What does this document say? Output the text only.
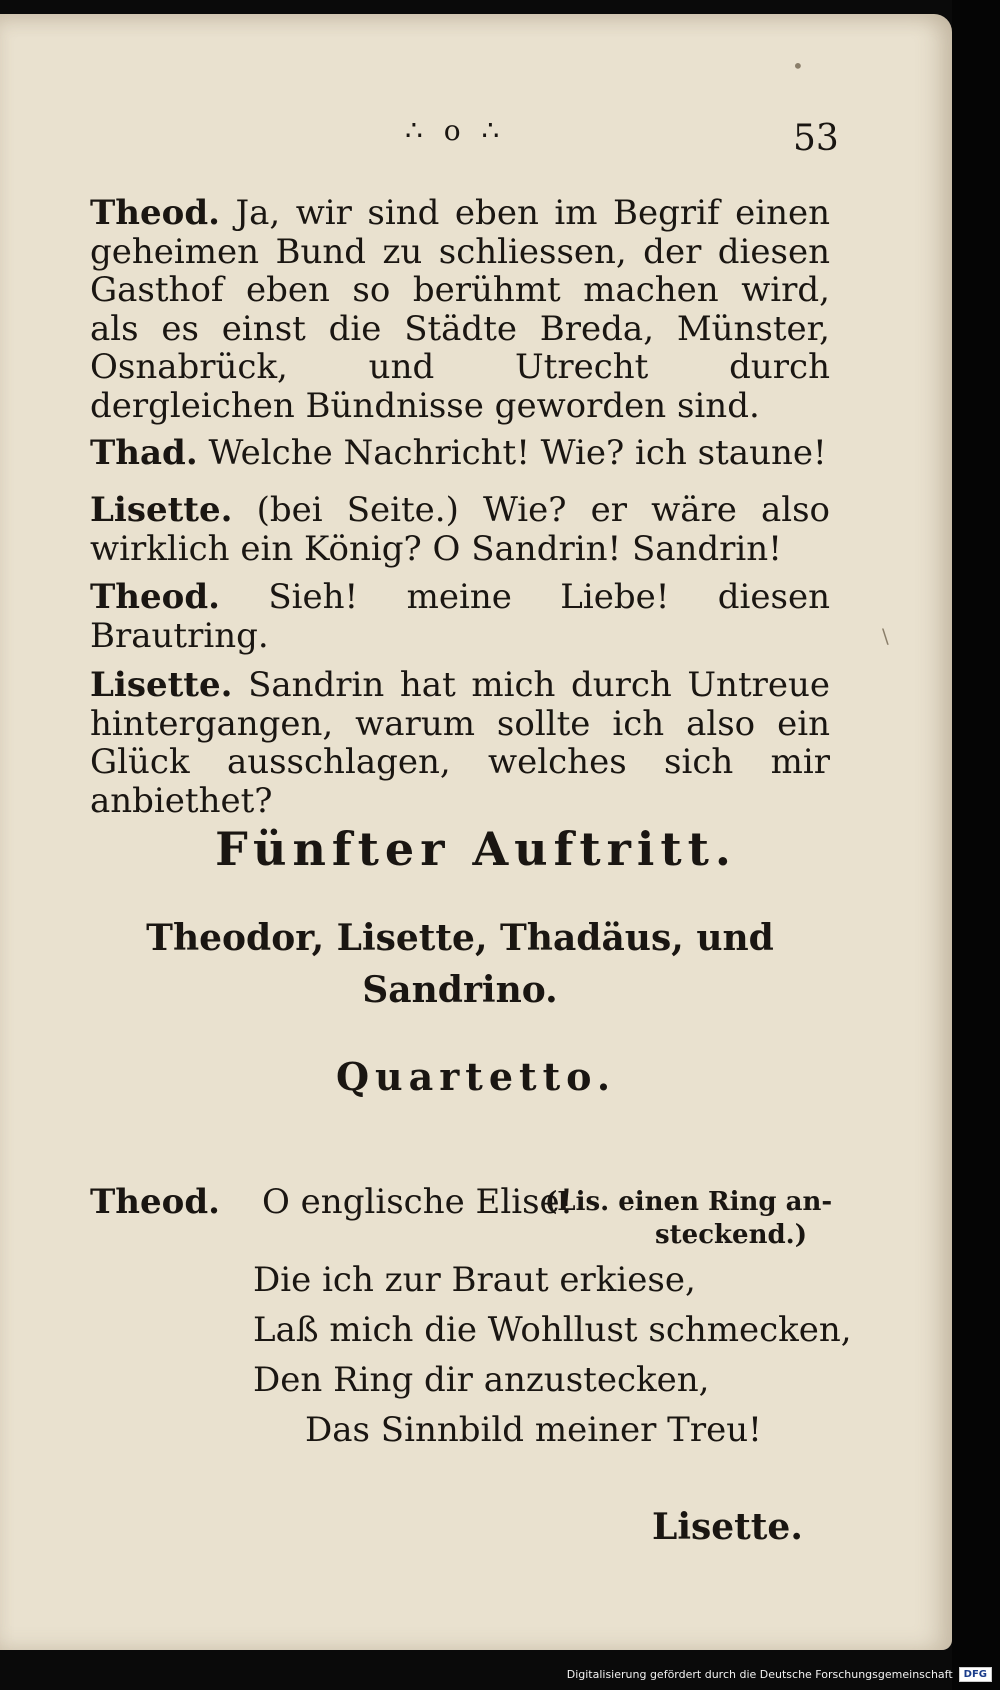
•
\
∴ o ∴	53
Theod. Ja, wir sind eben im Begrif einen geheimen Bund zu schliessen, der diesen Gasthof eben so berühmt machen wird, als es einst die Städte Breda, Münster, Osnabrück, und Utrecht durch dergleichen Bündnisse geworden sind.
Thad. Welche Nachricht! Wie? ich staune!
Lisette. (bei Seite.) Wie? er wäre also wirklich ein König? O Sandrin! Sandrin!
Theod. Sieh! meine Liebe! diesen Brautring.
Lisette. Sandrin hat mich durch Untreue hintergangen, warum sollte ich also ein Glück ausschlagen, welches sich mir anbiethet?
Fünfter Auftritt.
Theodor, Lisette, Thadäus, und Sandrino.
Quartetto.
Theod. O englische Elise!
(Lis. einen Ring an-
steckend.)
Die ich zur Braut erkiese,
Laß mich die Wohllust schmecken,
Den Ring dir anzustecken,
Das Sinnbild meiner Treu!
Lisette.
Digitalisierung gefördert durch die Deutsche Forschungsgemeinschaft	DFG
